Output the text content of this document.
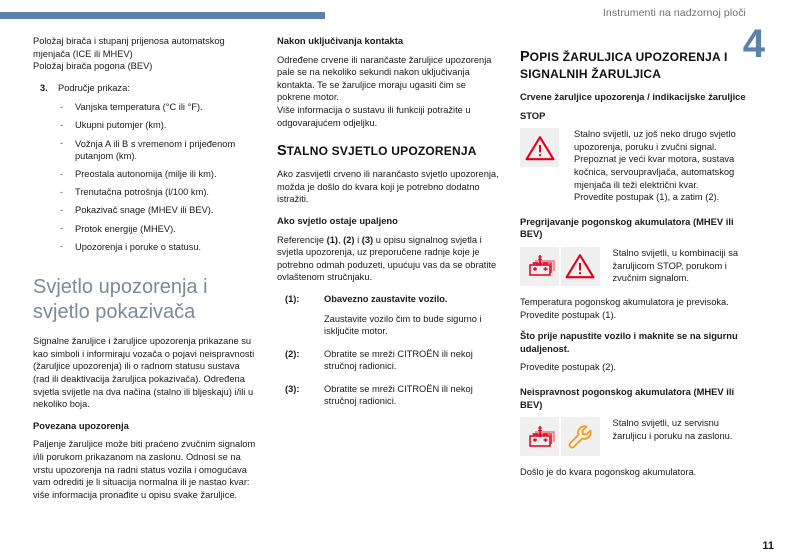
Instrumenti na nadzornoj ploči
4

Položaj birača i stupanj prijenosa automatskog mjenjača (ICE ili MHEV)

Položaj birača pogona (BEV)

3. Područje prikaza:
- Vanjska temperatura (°C ili °F).
- Ukupni putomjer (km).
- Vožnja A ili B s vremenom i prijeđenom putanjom (km).
- Preostala autonomija (milje ili km).
- Trenutačna potrošnja (l/100 km).
- Pokazivač snage (MHEV ili BEV).
- Protok energije (MHEV).
- Upozorenja i poruke o statusu.
Svjetlo upozorenja i svjetlo pokazivača

Signalne žaruljice i žaruljice upozorenja prikazane su kao simboli i informiraju vozača o pojavi neispravnosti (žaruljice upozorenja) ili o radnom statusu sustava (rad ili deaktivacija žaruljica pokazivača). Određena svjetla svijetle na dva načina (stalno ili bljeskaju) i/ili u nekoliko boja.

Povezana upozorenja

Paljenje žaruljice može biti praćeno zvučnim signalom i/ili porukom prikazanom na zaslonu. Odnosi se na vrstu upozorenja na radni status vozila i omogućava vam odrediti je li situacija normalna ili je nastao kvar: više informacija pronađite u opisu svake žaruljice.

Nakon uključivanja kontakta

Određene crvene ili narančaste žaruljice upozorenja pale se na nekoliko sekundi nakon uključivanja kontakta. Te se žaruljice moraju ugasiti čim se pokrene motor.

Više informacija o sustavu ili funkciji potražite u odgovarajućem odjeljku.

STALNO SVJETLO UPOZORENJA

Ako zasvijetli crveno ili narančasto svjetlo upozorenja, možda je došlo do kvara koji je potrebno dodatno istražiti.

Ako svjetlo ostaje upaljeno

Referencije (1), (2) i (3) u opisu signalnog svjetla i svjetla upozorenja, uz preporučene radnje koje je potrebno odmah poduzeti, upućuju vas da se obratite ovlaštenom stručnjaku.

(1):	Obavezno zaustavite vozilo.

Zaustavite vozilo čim to bude sigurno i isključite motor.

(2):	Obratite se mreži CITROËN ili nekoj stručnoj radionici.

(3):	Obratite se mreži CITROËN ili nekoj stručnoj radionici.

POPIS ŽARULJICA UPOZORENJA I SIGNALNIH ŽARULJICA

Crvene žaruljice upozorenja / indikacijske žaruljice

STOP

Stalno svijetli, uz još neko drugo svjetlo upozorenja, poruku i zvučni signal.

Prepoznat je veći kvar motora, sustava kočnica, servoupravljača, automatskog mjenjača ili teži električni kvar.

Provedite postupak (1), a zatim (2).

Pregrijavanje pogonskog akumulatora (MHEV ili BEV)

Stalno svijetli, u kombinaciji sa žaruljicom STOP, porukom i zvučnim signalom.

Temperatura pogonskog akumulatora je previsoka.

Provedite postupak (1).

Što prije napustite vozilo i maknite se na sigurnu udaljenost.

Provedite postupak (2).

Neispravnost pogonskog akumulatora (MHEV ili BEV)

Stalno svijetli, uz servisnu žaruljicu i poruku na zaslonu.

Došlo je do kvara pogonskog akumulatora.

11
